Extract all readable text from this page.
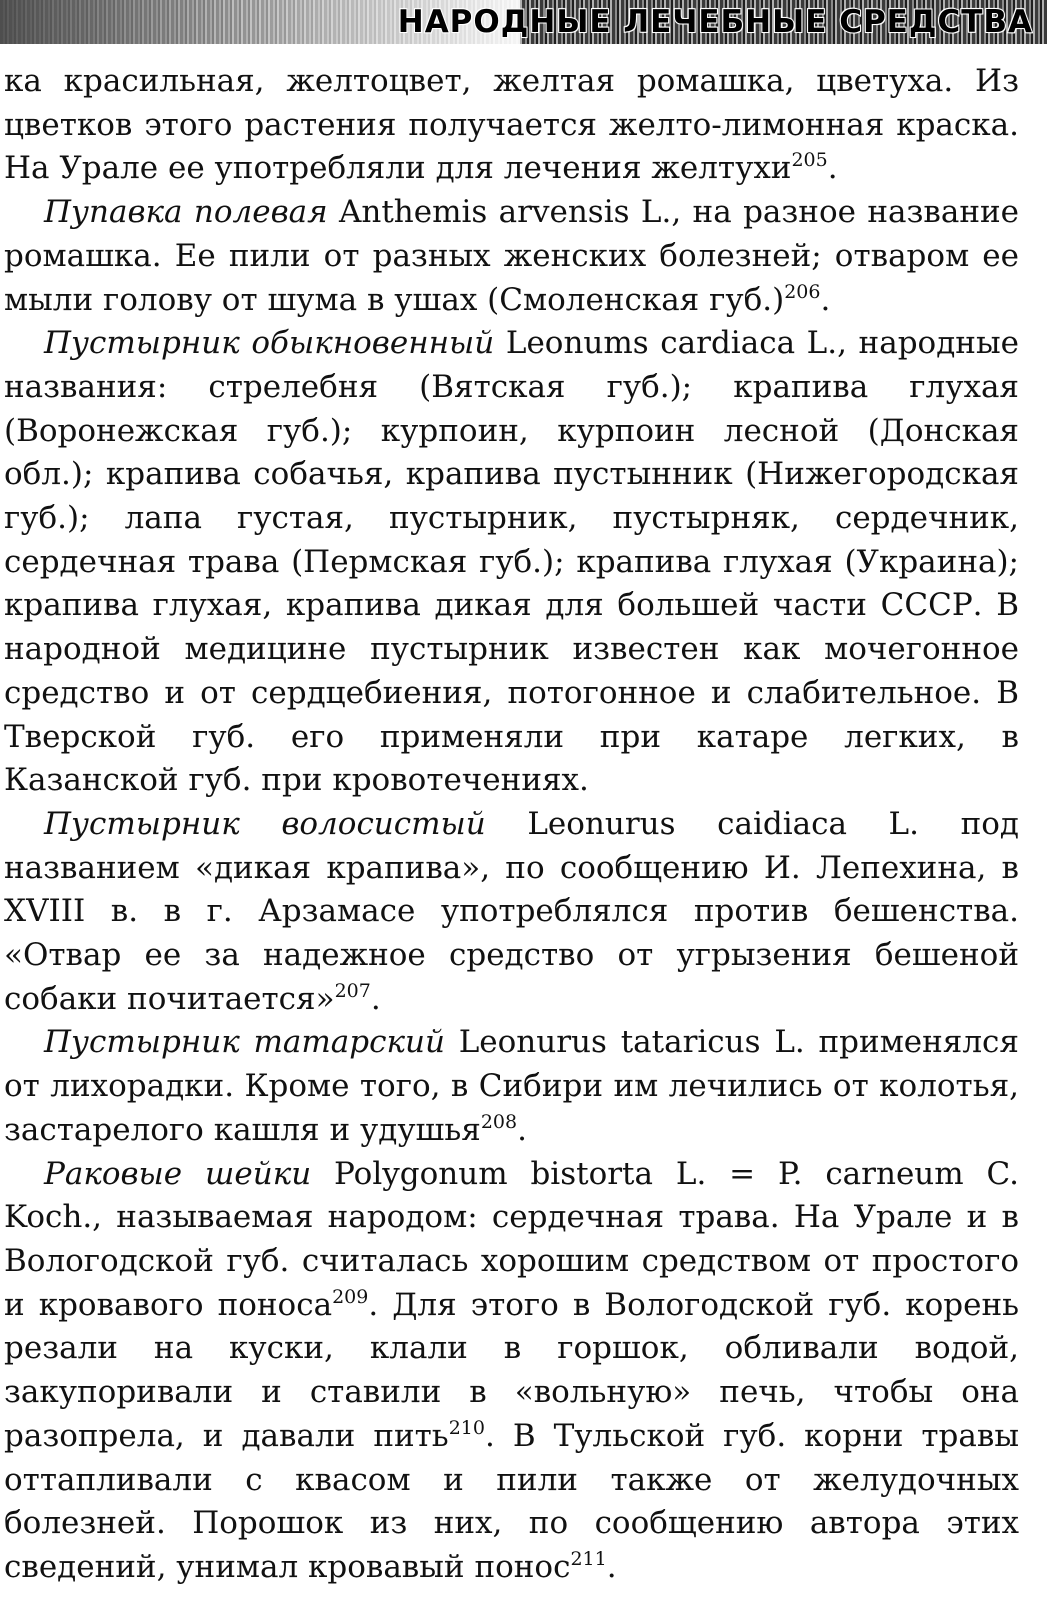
НАРОДНЫЕ ЛЕЧЕБНЫЕ СРЕДСТВА

ка красильная, желтоцвет, желтая ромашка, цветуха. Из цветков этого растения получается желто-лимонная краска. На Урале ее употребляли для лечения желтухи$^{205}$.

Пупавка полевая Anthemis arvensis L., на разное название ромашка. Ее пили от разных женских болезней; отваром ее мыли голову от шума в ушах (Смоленская губ.)$^{206}$.

Пустырник обыкновенный Leonums cardiaca L., народные названия: стрелебня (Вятская губ.); крапива глухая (Воронежская губ.); курпоин, курпоин лесной (Донская обл.); крапива собачья, крапива пустынник (Нижегородская губ.); лапа густая, пустырник, пустырняк, сердечник, сердечная трава (Пермская губ.); крапива глухая (Украина); крапива глухая, крапива дикая для большей части СССР. В народной медицине пустырник известен как мочегонное средство и от сердцебиения, потогонное и слабительное. В Тверской губ. его применяли при катаре легких, в Казанской губ. при кровотечениях.

Пустырник волосистый Leonurus caidiaca L. под названием «дикая крапива», по сообщению И. Лепехина, в XVIII в. в г. Арзамасе употреблялся против бешенства. «Отвар ее за надежное средство от угрызения бешеной собаки почитается»$^{207}$.

Пустырник татарский Leonurus tataricus L. применялся от лихорадки. Кроме того, в Сибири им лечились от колотья, застарелого кашля и удушья$^{208}$.

Раковые шейки Polygonum bistorta L. = P. carneum C. Koch., называемая народом: сердечная трава. На Урале и в Вологодской губ. считалась хорошим средством от простого и кровавого поноса$^{209}$. Для этого в Вологодской губ. корень резали на куски, клали в горшок, обливали водой, закупоривали и ставили в «вольную» печь, чтобы она разопрела, и давали пить$^{210}$. В Тульской губ. корни травы оттапливали с квасом и пили также от желудочных болезней. Порошок из них, по сообщению автора этих сведений, унимал кровавый понос$^{211}$.
